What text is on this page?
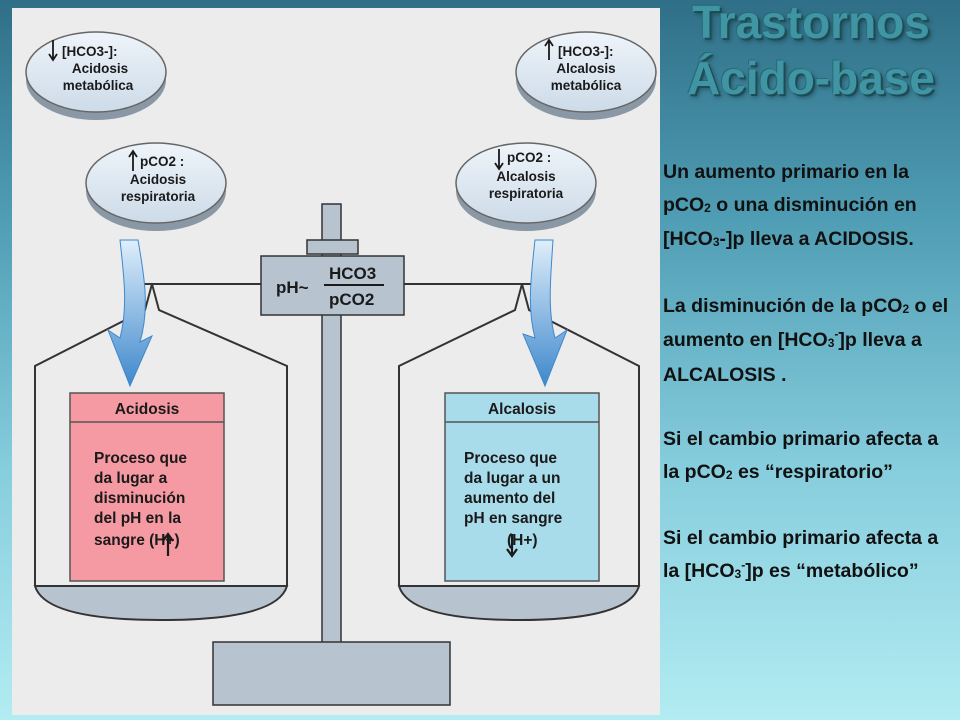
pH~
HCO3
pCO2
Acidosis
Proceso que
da lugar a
disminución
del pH en la
sangre (H+)
Alcalosis
Proceso que
da lugar a un
aumento del
pH en sangre
(H+)
[HCO3-]:
Acidosis
metabólica
[HCO3-]:
Alcalosis
metabólica
pCO2 :
Acidosis
respiratoria
pCO2 :
Alcalosis
respiratoria
Trastornos
Ácido-base

Un aumento primario en la pCO$_2$ o una disminución en $[HCO_3-]p$ lleva a ACIDOSIS.

La disminución de la pCO$_2$ o el aumento en $[HCO_3^-]p$ lleva a ALCALOSIS .

Si el cambio primario afecta a la pCO$_2$ es “respiratorio”

Si el cambio primario afecta a la $[HCO_3^-]p$ es “metabólico”
